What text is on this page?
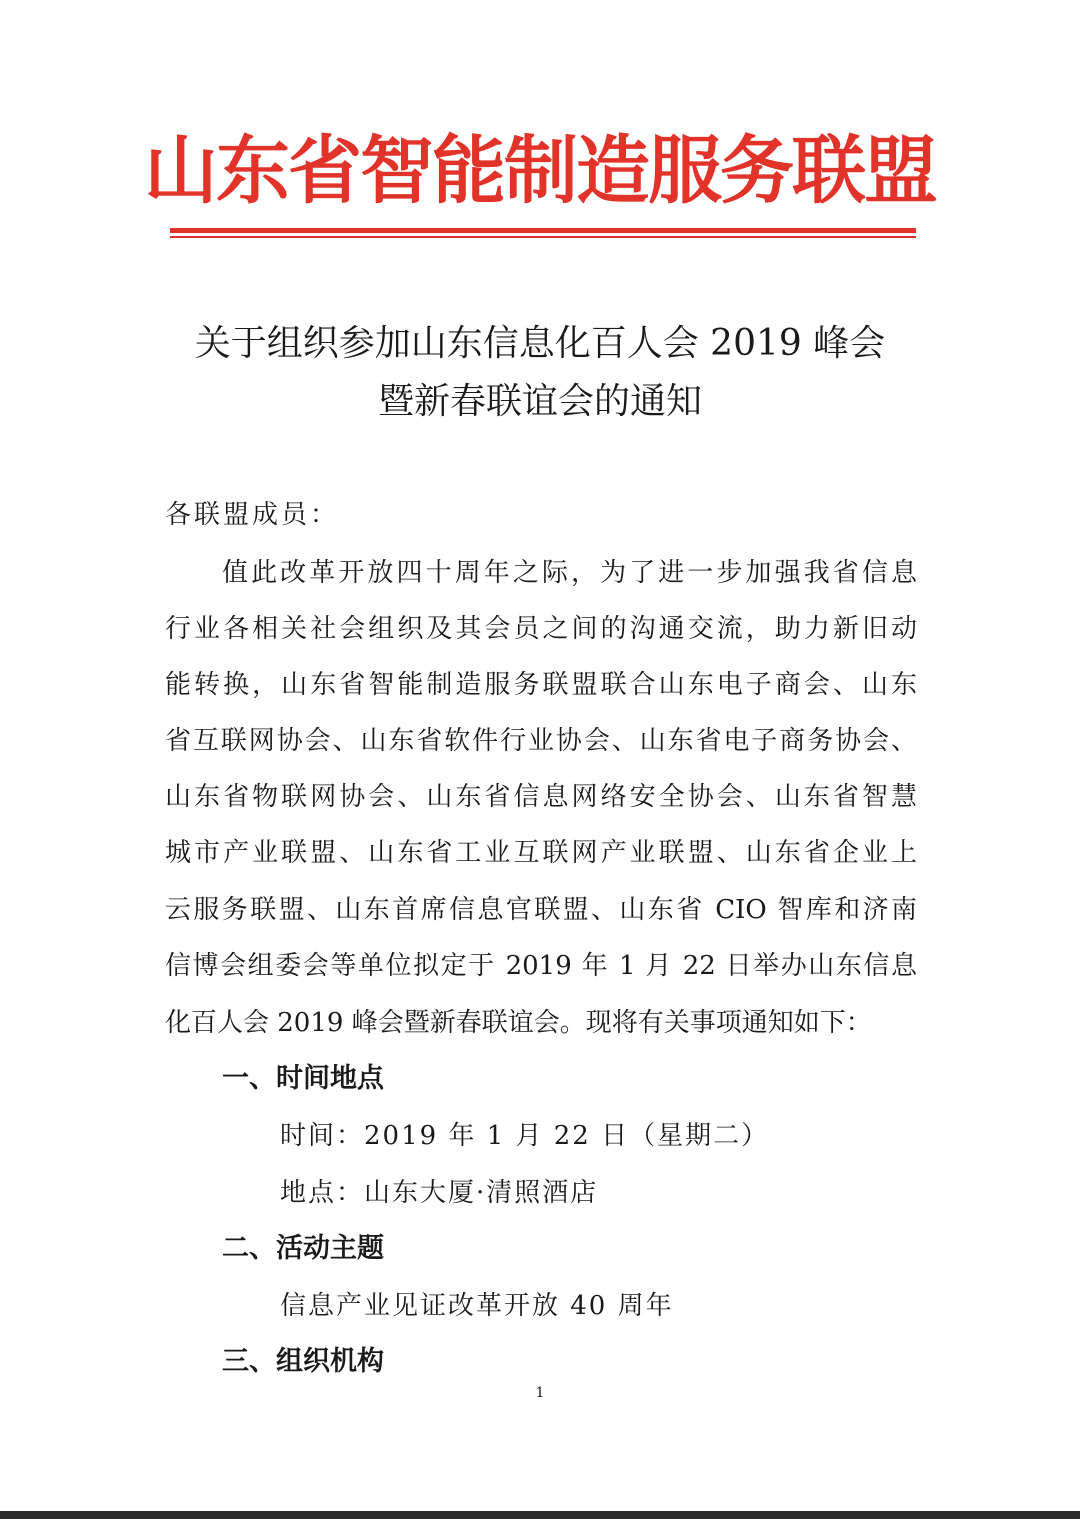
山东省智能制造服务联盟
关于组织参加山东信息化百人会 2019 峰会
暨新春联谊会的通知
各联盟成员：
值此改革开放四十周年之际，为了进一步加强我省信息
行业各相关社会组织及其会员之间的沟通交流，助力新旧动
能转换，山东省智能制造服务联盟联合山东电子商会、山东
省互联网协会、山东省软件行业协会、山东省电子商务协会、
山东省物联网协会、山东省信息网络安全协会、山东省智慧
城市产业联盟、山东省工业互联网产业联盟、山东省企业上
云服务联盟、山东首席信息官联盟、山东省 CIO 智库和济南
信博会组委会等单位拟定于 2019 年 1 月 22 日举办山东信息
化百人会 2019 峰会暨新春联谊会。现将有关事项通知如下：
一、时间地点
时间：2019 年 1 月 22 日（星期二）
地点：山东大厦·清照酒店
二、活动主题
信息产业见证改革开放 40 周年
三、组织机构
1
